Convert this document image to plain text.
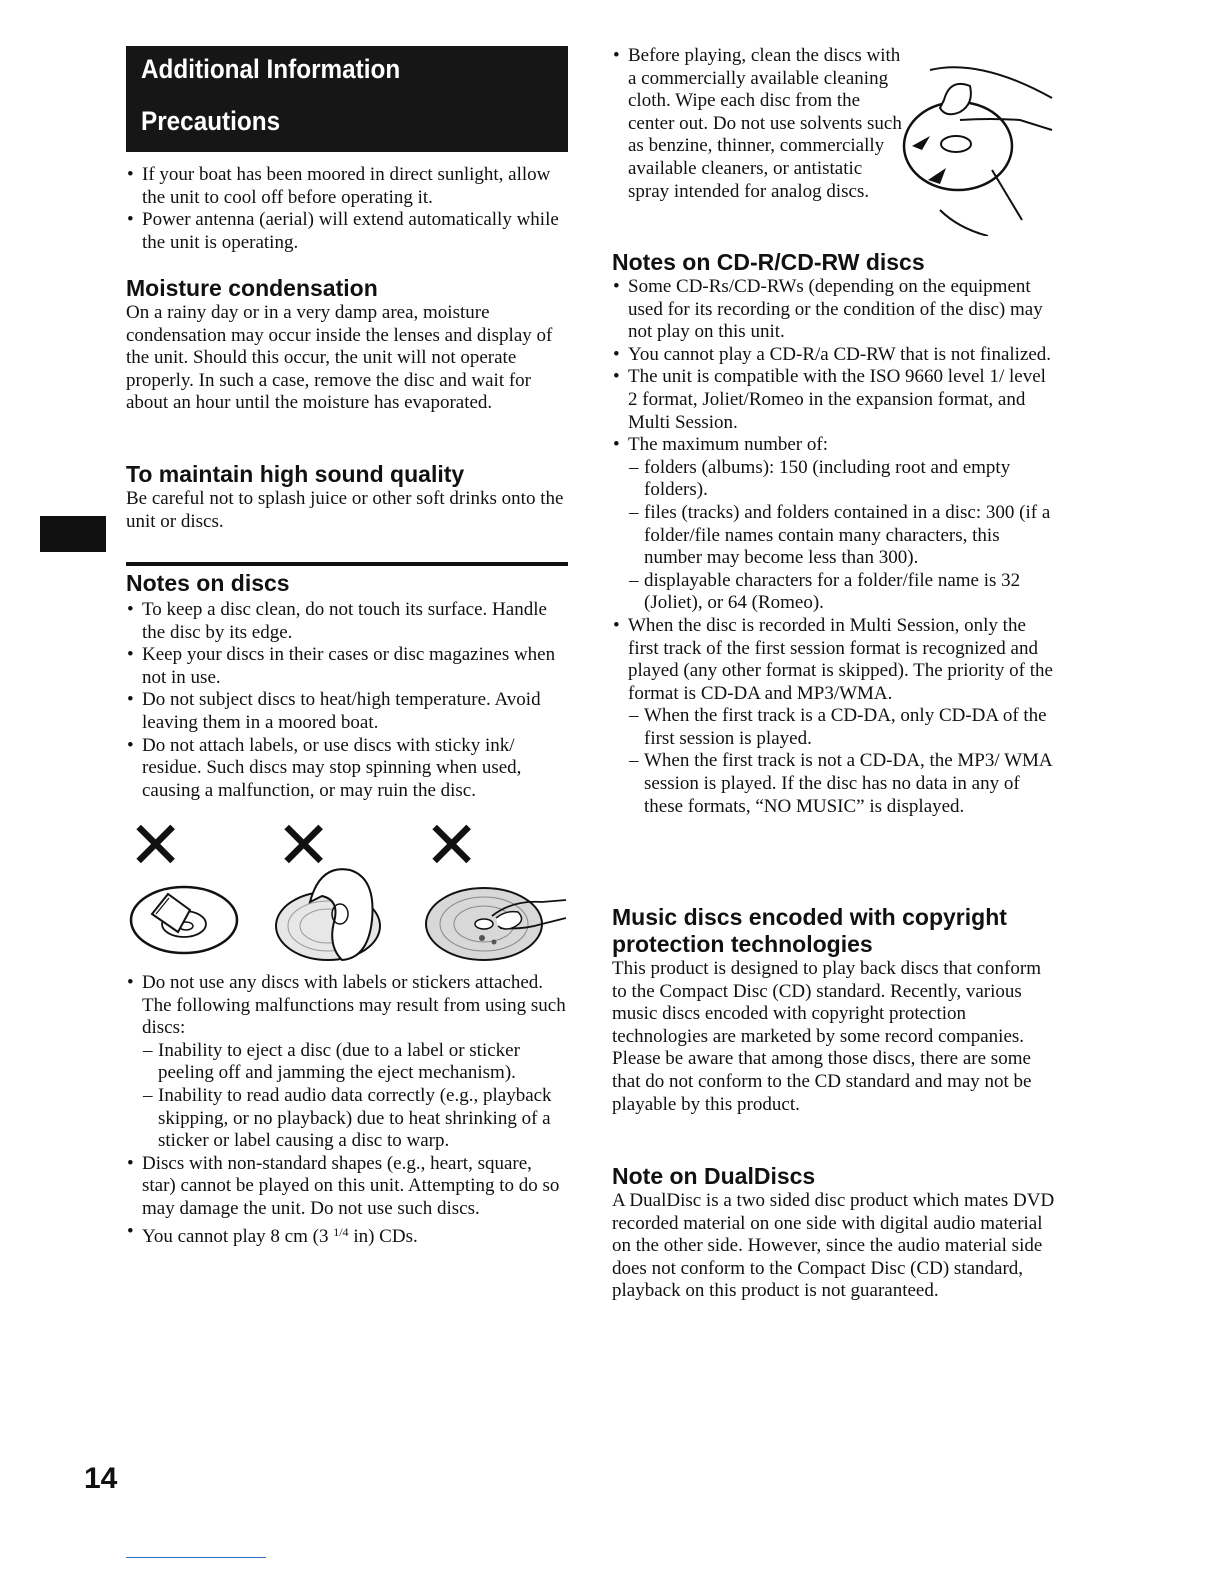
Additional Information
Precautions
• If your boat has been moored in direct sunlight, allow the unit to cool off before operating it.
• Power antenna (aerial) will extend automatically while the unit is operating.
Moisture condensation

On a rainy day or in a very damp area, moisture condensation may occur inside the lenses and display of the unit. Should this occur, the unit will not operate properly. In such a case, remove the disc and wait for about an hour until the moisture has evaporated.

To maintain high sound quality

Be careful not to splash juice or other soft drinks onto the unit or discs.

Notes on discs
• To keep a disc clean, do not touch its surface. Handle the disc by its edge.
• Keep your discs in their cases or disc magazines when not in use.
• Do not subject discs to heat/high temperature. Avoid leaving them in a moored boat.
• Do not attach labels, or use discs with sticky ink/ residue. Such discs may stop spinning when used, causing a malfunction, or may ruin the disc.
✕ ✕ ✕
• Do not use any discs with labels or stickers attached.
The following malfunctions may result from using such discs:
– Inability to eject a disc (due to a label or sticker peeling off and jamming the eject mechanism).
– Inability to read audio data correctly (e.g., playback skipping, or no playback) due to heat shrinking of a sticker or label causing a disc to warp.
• Discs with non-standard shapes (e.g., heart, square, star) cannot be played on this unit. Attempting to do so may damage the unit. Do not use such discs.
• You cannot play 8 cm (3 $^{1/4}$ in) CDs.
• Before playing, clean the discs with a commercially available cleaning cloth. Wipe each disc from the center out. Do not use solvents such as benzine, thinner, commercially available cleaners, or antistatic spray intended for analog discs.
Notes on CD-R/CD-RW discs
• Some CD-Rs/CD-RWs (depending on the equipment used for its recording or the condition of the disc) may not play on this unit.
• You cannot play a CD-R/a CD-RW that is not finalized.
• The unit is compatible with the ISO 9660 level 1/ level 2 format, Joliet/Romeo in the expansion format, and Multi Session.
• The maximum number of:
– folders (albums): 150 (including root and empty folders).
– files (tracks) and folders contained in a disc: 300 (if a folder/file names contain many characters, this number may become less than 300).
– displayable characters for a folder/file name is 32 (Joliet), or 64 (Romeo).
• When the disc is recorded in Multi Session, only the first track of the first session format is recognized and played (any other format is skipped). The priority of the format is CD-DA and MP3/WMA.
– When the first track is a CD-DA, only CD-DA of the first session is played.
– When the first track is not a CD-DA, the MP3/ WMA session is played. If the disc has no data in any of these formats, “NO MUSIC” is displayed.
Music discs encoded with copyright protection technologies

This product is designed to play back discs that conform to the Compact Disc (CD) standard. Recently, various music discs encoded with copyright protection technologies are marketed by some record companies. Please be aware that among those discs, there are some that do not conform to the CD standard and may not be playable by this product.

Note on DualDiscs

A DualDisc is a two sided disc product which mates DVD recorded material on one side with digital audio material on the other side. However, since the audio material side does not conform to the Compact Disc (CD) standard, playback on this product is not guaranteed.

14
